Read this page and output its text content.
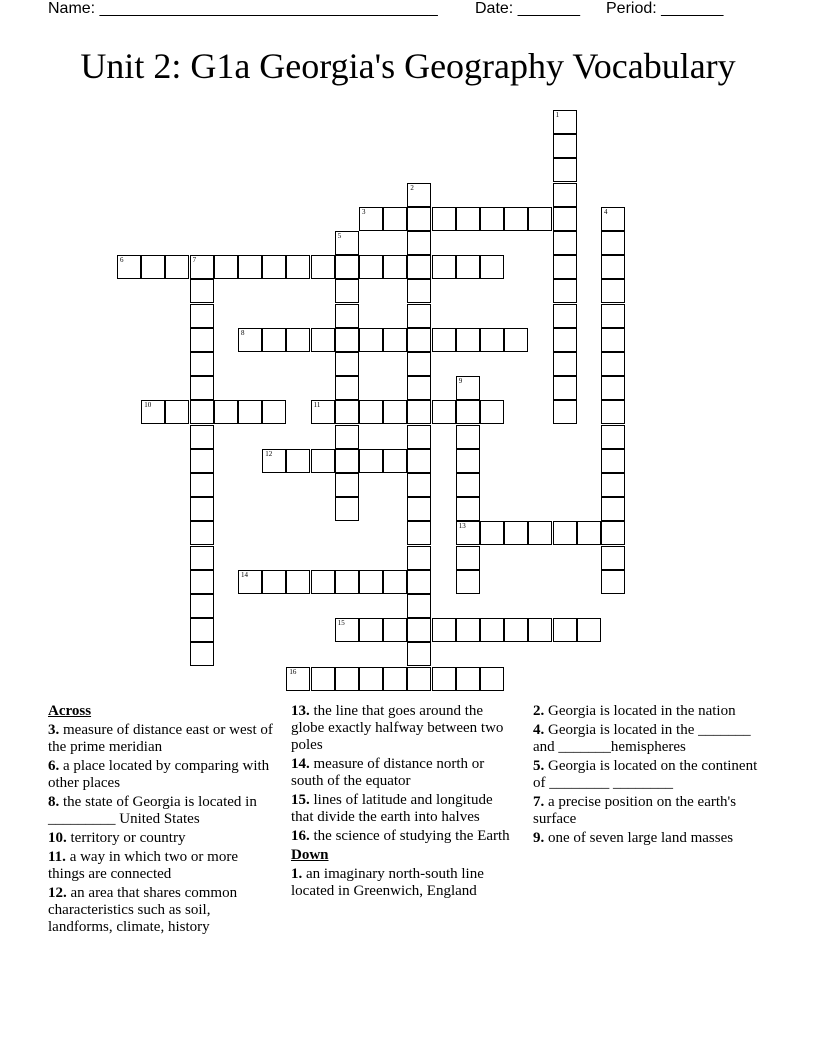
Name: ______________________________________ Date: _______ Period: _______
Unit 2: G1a Georgia's Geography Vocabulary
1
2
3	4
5
6	7
8
9
13
10	11
12
14
15
16
Across
3. measure of distance east or west of the prime meridian
6. a place located by comparing with other places
8. the state of Georgia is located in _________ United States
10. territory or country
11. a way in which two or more things are connected
12. an area that shares common characteristics such as soil, landforms, climate, history
13. the line that goes around the globe exactly halfway between two poles
14. measure of distance north or south of the equator
15. lines of latitude and longitude that divide the earth into halves
16. the science of studying the Earth
Down
1. an imaginary north-south line located in Greenwich, England
2. Georgia is located in the nation
4. Georgia is located in the _______ and _______hemispheres
5. Georgia is located on the continent of ________ ________
7. a precise position on the earth's surface
9. one of seven large land masses
